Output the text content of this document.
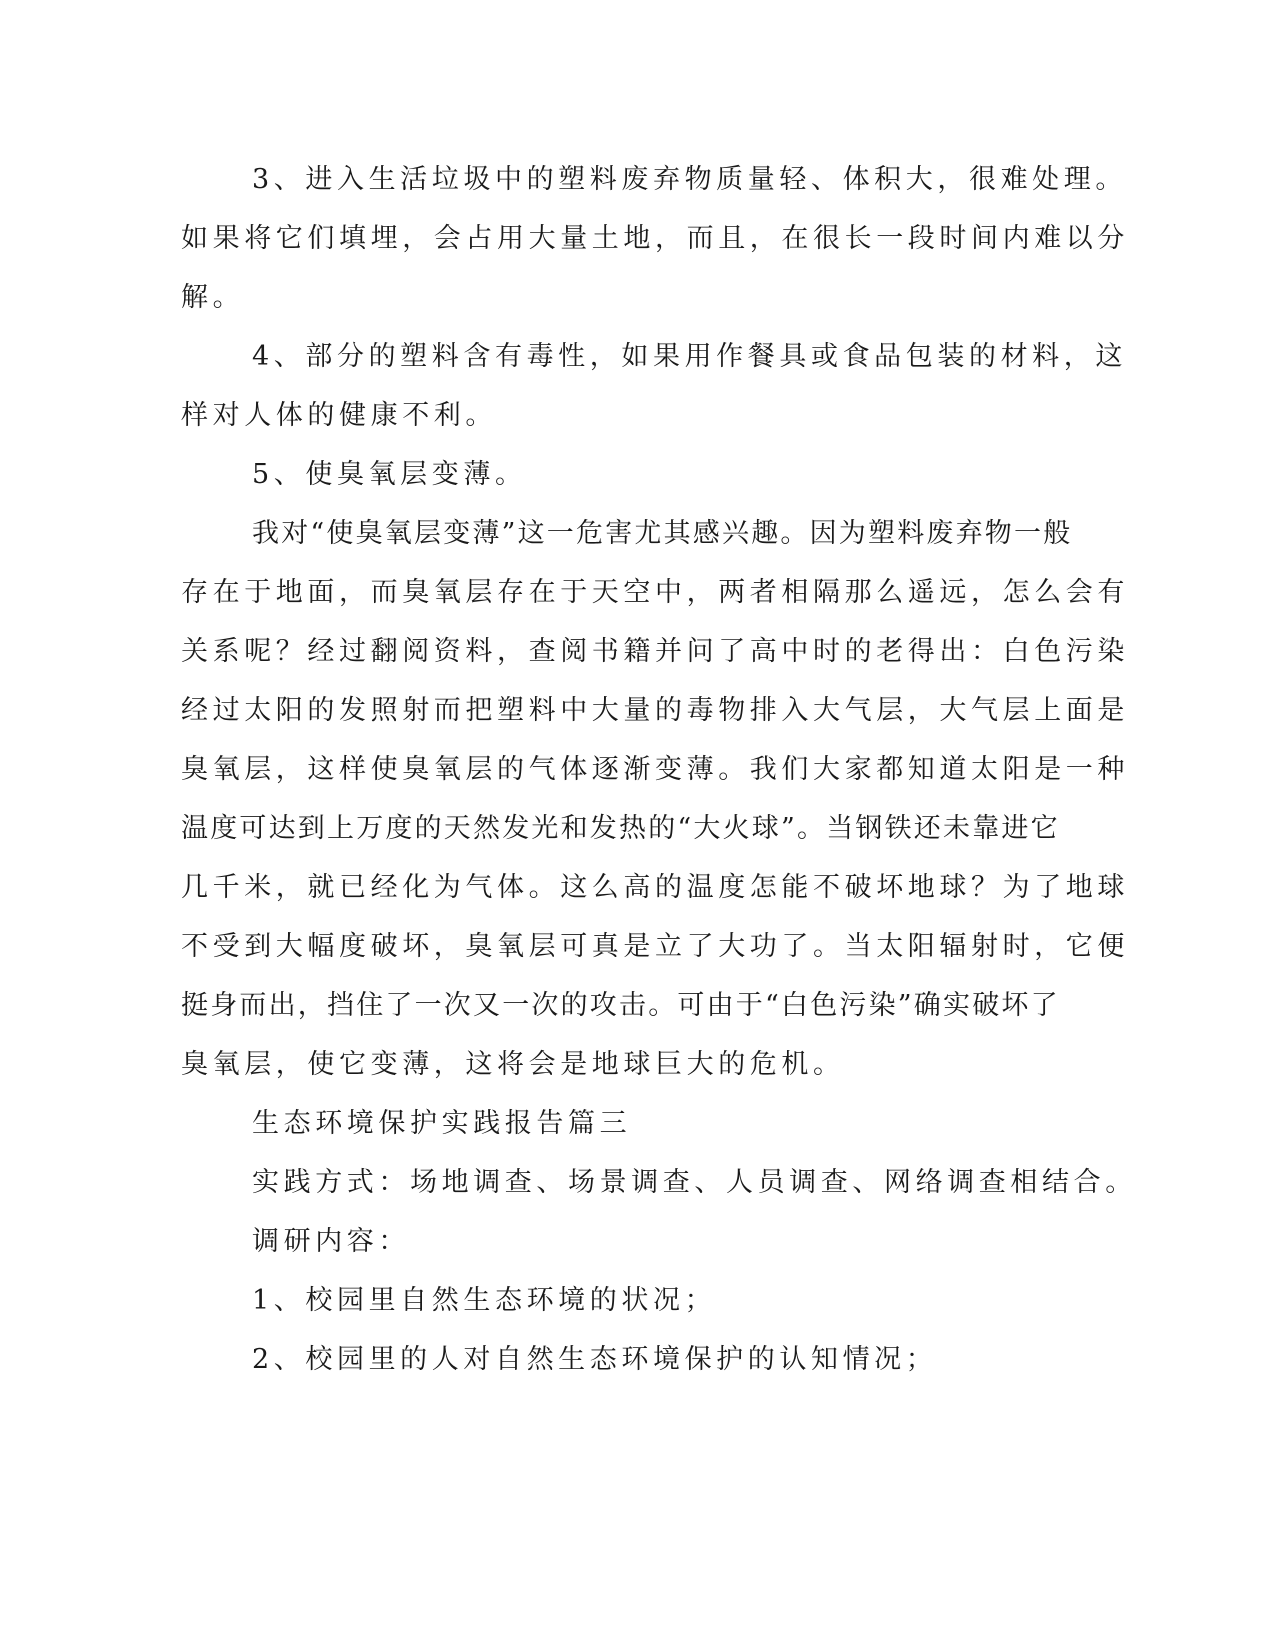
3、进入生活垃圾中的塑料废弃物质量轻、体积大，很难处理。
如果将它们填埋，会占用大量土地，而且，在很长一段时间内难以分
解。
4、部分的塑料含有毒性，如果用作餐具或食品包装的材料，这
样对人体的健康不利。
5、使臭氧层变薄。
我对“使臭氧层变薄”这一危害尤其感兴趣。因为塑料废弃物一般
存在于地面，而臭氧层存在于天空中，两者相隔那么遥远，怎么会有
关系呢？经过翻阅资料，查阅书籍并问了高中时的老得出：白色污染
经过太阳的发照射而把塑料中大量的毒物排入大气层，大气层上面是
臭氧层，这样使臭氧层的气体逐渐变薄。我们大家都知道太阳是一种
温度可达到上万度的天然发光和发热的“大火球”。当钢铁还未靠进它
几千米，就已经化为气体。这么高的温度怎能不破坏地球？为了地球
不受到大幅度破坏，臭氧层可真是立了大功了。当太阳辐射时，它便
挺身而出，挡住了一次又一次的攻击。可由于“白色污染”确实破坏了
臭氧层，使它变薄，这将会是地球巨大的危机。
生态环境保护实践报告篇三
实践方式：场地调查、场景调查、人员调查、网络调查相结合。
调研内容：
1、校园里自然生态环境的状况；
2、校园里的人对自然生态环境保护的认知情况；
